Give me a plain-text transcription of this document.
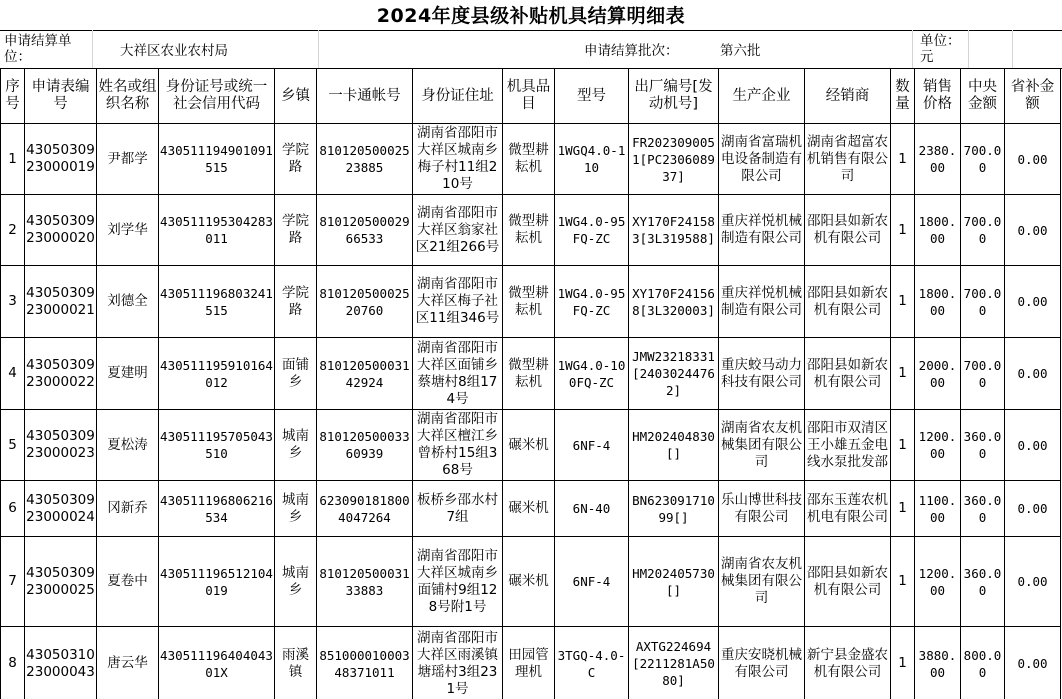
2024年度县级补贴机具结算明细表
申请结算单位：	大祥区农业农村局	申请结算批次：	第六批
单位：元
序号	申请表编号	姓名或组织名称	身份证号或统一社会信用代码	乡镇	一卡通帐号	身份证住址	机具品目	型号	出厂编号[发动机号]	生产企业	经销商	数量	销售价格	中央金额	省补金额
1	4305030923000019	尹都学	430511194901091515	学院路	81012050002523885	湖南省邵阳市大祥区城南乡梅子村11组210号	微型耕耘机	1WGQ4.0-110	FR2023090051[PC230608937]	湖南省富瑞机电设备制造有限公司	湖南省超富农机销售有限公司	1	2380.00	700.00	0.00
2	4305030923000020	刘学华	430511195304283011	学院路	81012050002966533	湖南省邵阳市大祥区翁家社区21组266号	微型耕耘机	1WG4.0-95FQ-ZC	XY170F241583[3L319588]	重庆祥悦机械制造有限公司	邵阳县如新农机有限公司	1	1800.00	700.00	0.00
3	4305030923000021	刘德全	430511196803241515	学院路	81012050002520760	湖南省邵阳市大祥区梅子社区11组346号	微型耕耘机	1WG4.0-95FQ-ZC	XY170F241568[3L320003]	重庆祥悦机械制造有限公司	邵阳县如新农机有限公司	1	1800.00	700.00	0.00
4	4305030923000022	夏建明	430511195910164012	面铺乡	81012050003142924	湖南省邵阳市大祥区面铺乡蔡塘村8组174号	微型耕耘机	1WG4.0-100FQ-ZC	JMW23218331[24030244762]	重庆蛟马动力科技有限公司	邵阳县如新农机有限公司	1	2000.00	700.00	0.00
5	4305030923000023	夏松涛	430511195705043510	城南乡	81012050003360939	湖南省邵阳市大祥区檀江乡曾桥村15组368号	碾米机	6NF-4	HM202404830[]	湖南省农友机械集团有限公司	邵阳市双清区王小雄五金电线水泵批发部	1	1200.00	360.00	0.00
6	4305030923000024	冈新乔	430511196806216534	城南乡	6230901818004047264	板桥乡邵水村7组	碾米机	6N-40	BN62309171099[]	乐山博世科技有限公司	邵东玉莲农机机电有限公司	1	1100.00	360.00	0.00
7	4305030923000025	夏卷中	430511196512104019	城南乡	81012050003133883	湖南省邵阳市大祥区城南乡面铺村9组128号附1号	碾米机	6NF-4	HM202405730[]	湖南省农友机械集团有限公司	邵阳县如新农机有限公司	1	1200.00	360.00	0.00
8	4305031023000043	唐云华	43051119640404301X	雨溪镇	85100001000348371011	湖南省邵阳市大祥区雨溪镇塘瑶村3组231号	田园管理机	3TGQ-4.0-C	AXTG224694[2211281A5080]	重庆安晓机械有限公司	新宁县金盛农机有限公司	1	3880.00	800.00	0.00
